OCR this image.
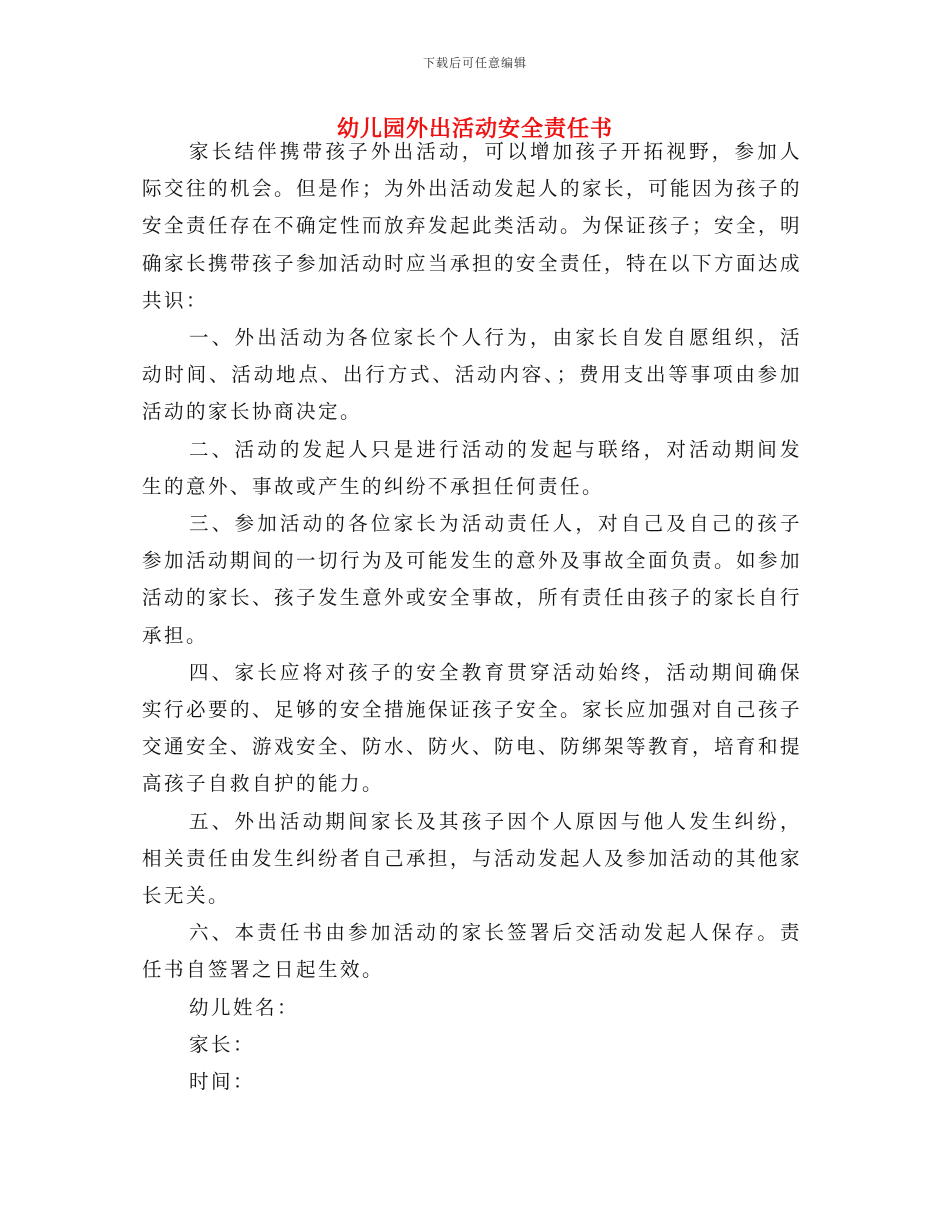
下载后可任意编辑
幼儿园外出活动安全责任书

家长结伴携带孩子外出活动，可以增加孩子开拓视野，参加人际交往的机会。但是作；为外出活动发起人的家长，可能因为孩子的安全责任存在不确定性而放弃发起此类活动。为保证孩子；安全，明确家长携带孩子参加活动时应当承担的安全责任，特在以下方面达成共识：

一、外出活动为各位家长个人行为，由家长自发自愿组织，活动时间、活动地点、出行方式、活动内容、；费用支出等事项由参加活动的家长协商决定。

二、活动的发起人只是进行活动的发起与联络，对活动期间发生的意外、事故或产生的纠纷不承担任何责任。

三、参加活动的各位家长为活动责任人，对自己及自己的孩子参加活动期间的一切行为及可能发生的意外及事故全面负责。如参加活动的家长、孩子发生意外或安全事故，所有责任由孩子的家长自行承担。

四、家长应将对孩子的安全教育贯穿活动始终，活动期间确保实行必要的、足够的安全措施保证孩子安全。家长应加强对自己孩子交通安全、游戏安全、防水、防火、防电、防绑架等教育，培育和提高孩子自救自护的能力。

五、外出活动期间家长及其孩子因个人原因与他人发生纠纷，相关责任由发生纠纷者自己承担，与活动发起人及参加活动的其他家长无关。

六、本责任书由参加活动的家长签署后交活动发起人保存。责任书自签署之日起生效。

幼儿姓名：
家长：
时间：
